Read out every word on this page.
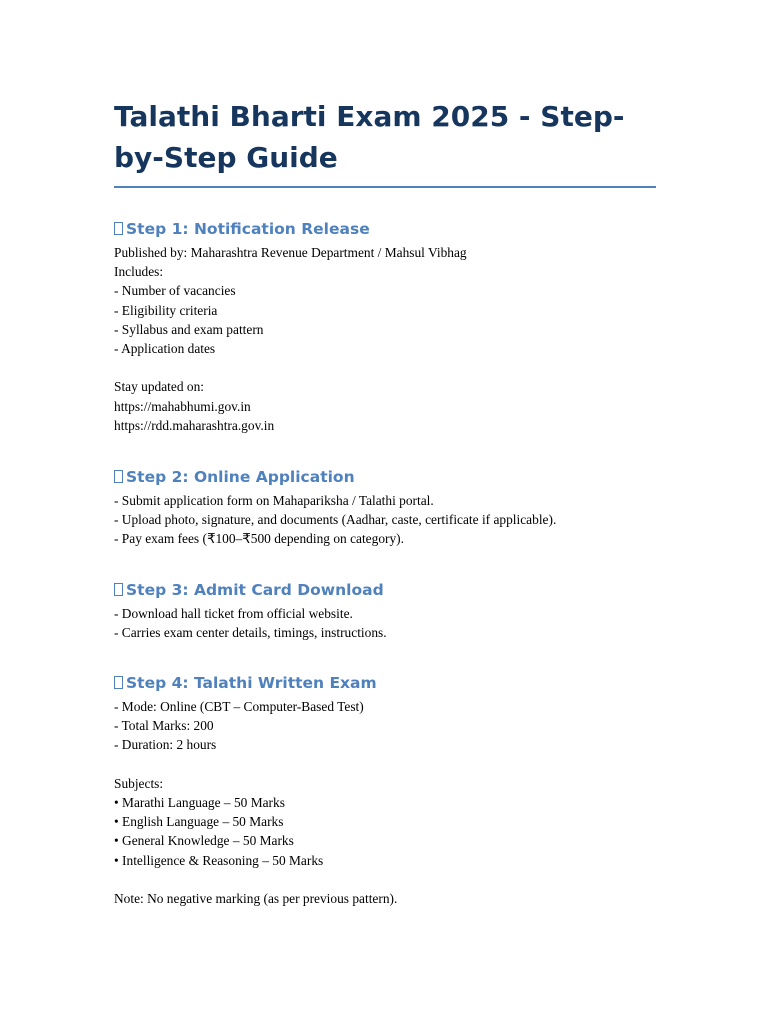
Talathi Bharti Exam 2025 - Step-by-Step Guide
Step 1: Notification Release

Published by: Maharashtra Revenue Department / Mahsul Vibhag

Includes:

- Number of vacancies

- Eligibility criteria

- Syllabus and exam pattern

- Application dates

Stay updated on:

https://mahabhumi.gov.in

https://rdd.maharashtra.gov.in

Step 2: Online Application

- Submit application form on Mahapariksha / Talathi portal.

- Upload photo, signature, and documents (Aadhar, caste, certificate if applicable).

- Pay exam fees (₹100–₹500 depending on category).

Step 3: Admit Card Download

- Download hall ticket from official website.

- Carries exam center details, timings, instructions.

Step 4: Talathi Written Exam

- Mode: Online (CBT – Computer-Based Test)

- Total Marks: 200

- Duration: 2 hours

Subjects:

• Marathi Language – 50 Marks

• English Language – 50 Marks

• General Knowledge – 50 Marks

• Intelligence & Reasoning – 50 Marks

Note: No negative marking (as per previous pattern).
